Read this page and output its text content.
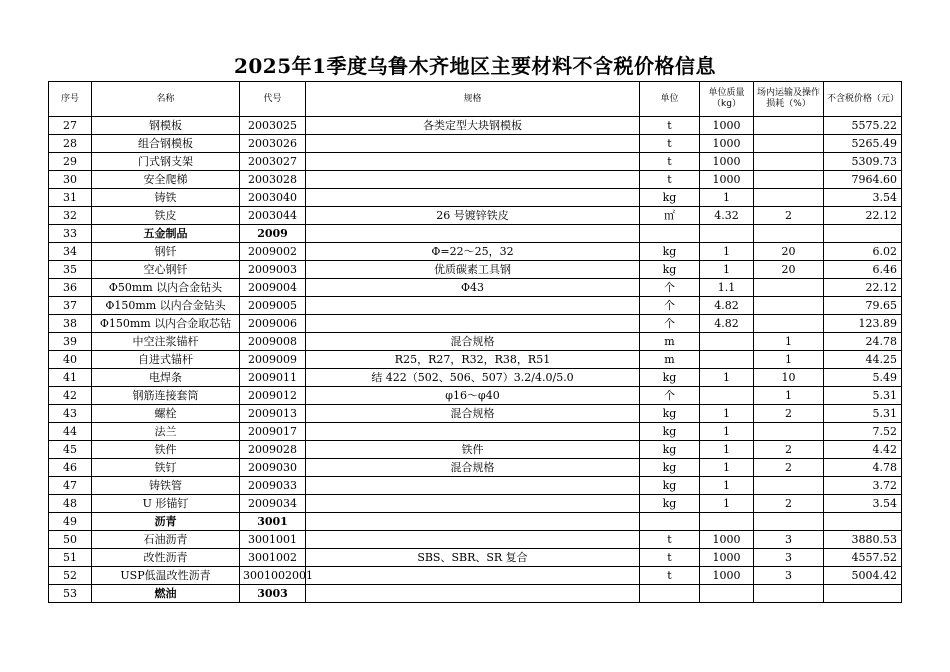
2025年1季度乌鲁木齐地区主要材料不含税价格信息
序号	名称	代号	规格	单位	单位质量（kg）	场内运输及操作损耗（%）	不含税价格（元）
27	钢模板	2003025	各类定型大块钢模板	t	1000		5575.22
28	组合钢模板	2003026		t	1000		5265.49
29	门式钢支架	2003027		t	1000		5309.73
30	安全爬梯	2003028		t	1000		7964.60
31	铸铁	2003040		kg	1		3.54
32	铁皮	2003044	26 号镀锌铁皮	㎡	4.32	2	22.12
33	五金制品	2009					
34	钢钎	2009002	Φ=22～25，32	kg	1	20	6.02
35	空心钢钎	2009003	优质碳素工具钢	kg	1	20	6.46
36	Φ50mm 以内合金钻头	2009004	Φ43	个	1.1		22.12
37	Φ150mm 以内合金钻头	2009005		个	4.82		79.65
38	Φ150mm 以内合金取芯钻	2009006		个	4.82		123.89
39	中空注浆锚杆	2009008	混合规格	m		1	24.78
40	自进式锚杆	2009009	R25，R27，R32，R38，R51	m		1	44.25
41	电焊条	2009011	结 422（502、506、507）3.2/4.0/5.0	kg	1	10	5.49
42	钢筋连接套筒	2009012	φ16～φ40	个		1	5.31
43	螺栓	2009013	混合规格	kg	1	2	5.31
44	法兰	2009017		kg	1		7.52
45	铁件	2009028	铁件	kg	1	2	4.42
46	铁钉	2009030	混合规格	kg	1	2	4.78
47	铸铁管	2009033		kg	1		3.72
48	U 形锚钉	2009034		kg	1	2	3.54
49	沥青	3001					
50	石油沥青	3001001		t	1000	3	3880.53
51	改性沥青	3001002	SBS、SBR、SR 复合	t	1000	3	4557.52
52	USP低温改性沥青	3001002001		t	1000	3	5004.42
53	燃油	3003					
